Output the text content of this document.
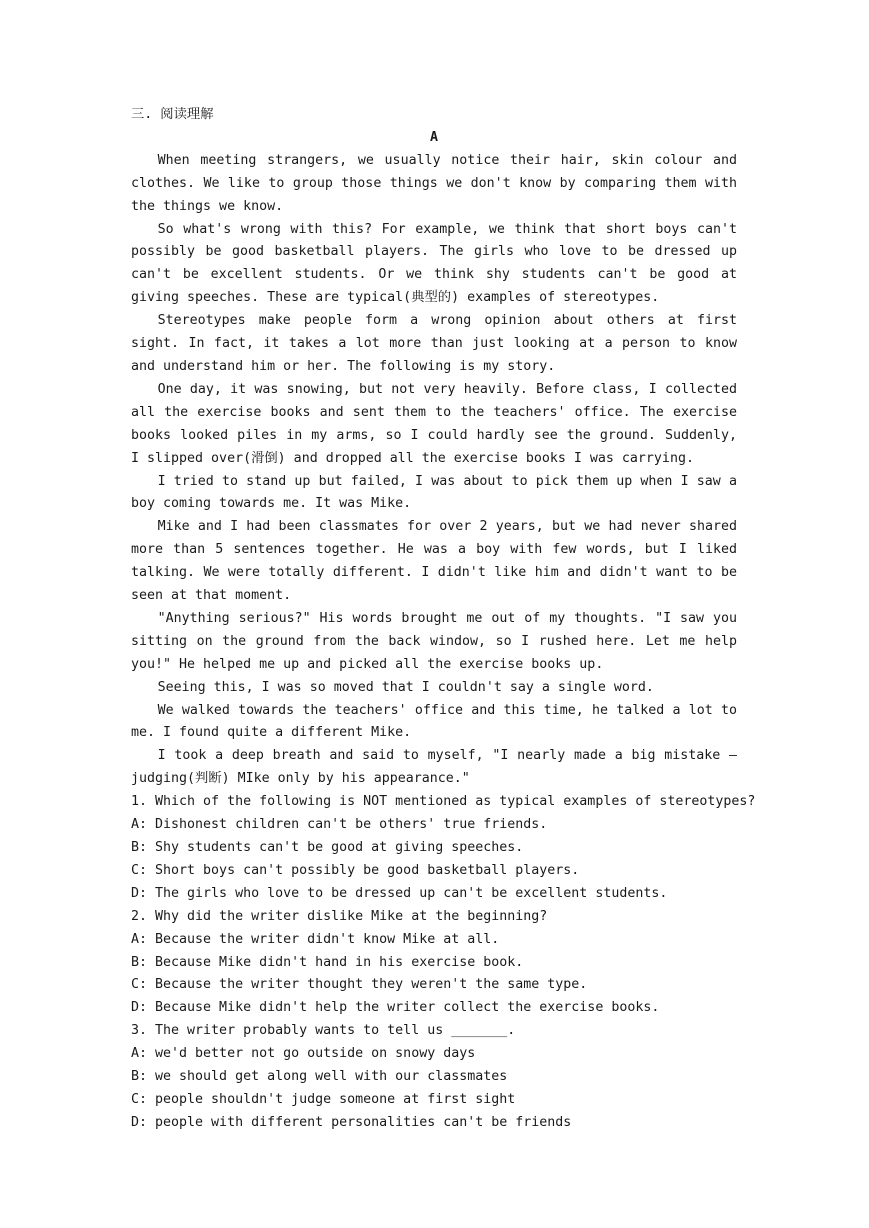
三. 阅读理解

A

When meeting strangers, we usually notice their hair, skin colour and clothes. We like to group those things we don't know by comparing them with the things we know.

So what's wrong with this? For example, we think that short boys can't possibly be good basketball players. The girls who love to be dressed up can't be excellent students. Or we think shy students can't be good at giving speeches. These are typical(典型的) examples of stereotypes.

Stereotypes make people form a wrong opinion about others at first sight. In fact, it takes a lot more than just looking at a person to know and understand him or her. The following is my story.

One day, it was snowing, but not very heavily. Before class, I collected all the exercise books and sent them to the teachers' office. The exercise books looked piles in my arms, so I could hardly see the ground. Suddenly, I slipped over(滑倒) and dropped all the exercise books I was carrying.

I tried to stand up but failed, I was about to pick them up when I saw a boy coming towards me. It was Mike.

Mike and I had been classmates for over 2 years, but we had never shared more than 5 sentences together. He was a boy with few words, but I liked talking. We were totally different. I didn't like him and didn't want to be seen at that moment.

"Anything serious?" His words brought me out of my thoughts. "I saw you sitting on the ground from the back window, so I rushed here. Let me help you!" He helped me up and picked all the exercise books up.

Seeing this, I was so moved that I couldn't say a single word.

We walked towards the teachers' office and this time, he talked a lot to me. I found quite a different Mike.

I took a deep breath and said to myself, "I nearly made a big mistake — judging(判断) MIke only by his appearance."

1. Which of the following is NOT mentioned as typical examples of stereotypes?

A: Dishonest children can't be others' true friends.

B: Shy students can't be good at giving speeches.

C: Short boys can't possibly be good basketball players.

D: The girls who love to be dressed up can't be excellent students.

2. Why did the writer dislike Mike at the beginning?

A: Because the writer didn't know Mike at all.

B: Because Mike didn't hand in his exercise book.

C: Because the writer thought they weren't the same type.

D: Because Mike didn't help the writer collect the exercise books.

3. The writer probably wants to tell us _______.

A: we'd better not go outside on snowy days

B: we should get along well with our classmates

C: people shouldn't judge someone at first sight

D: people with different personalities can't be friends
